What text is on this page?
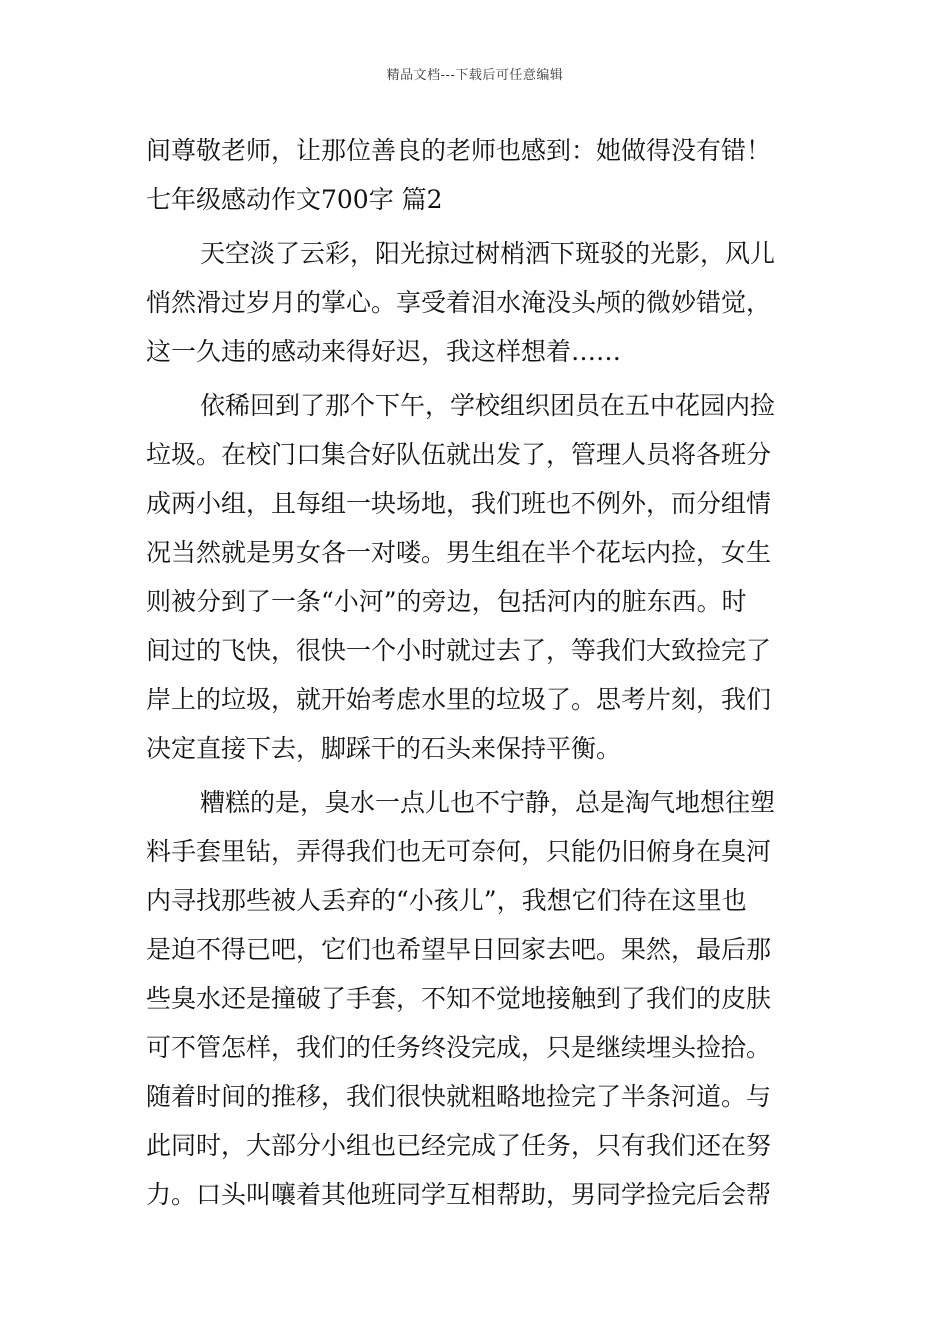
精品文档---下载后可任意编辑
间尊敬老师，让那位善良的老师也感到：她做得没有错！
七年级感动作文700字 篇2
天空淡了云彩，阳光掠过树梢洒下斑驳的光影，风儿
悄然滑过岁月的掌心。享受着泪水淹没头颅的微妙错觉，
这一久违的感动来得好迟，我这样想着……
依稀回到了那个下午，学校组织团员在五中花园内捡
垃圾。在校门口集合好队伍就出发了，管理人员将各班分
成两小组，且每组一块场地，我们班也不例外，而分组情
况当然就是男女各一对喽。男生组在半个花坛内捡，女生
则被分到了一条“小河”的旁边，包括河内的脏东西。时
间过的飞快，很快一个小时就过去了，等我们大致捡完了
岸上的垃圾，就开始考虑水里的垃圾了。思考片刻，我们
决定直接下去，脚踩干的石头来保持平衡。
糟糕的是，臭水一点儿也不宁静，总是淘气地想往塑
料手套里钻，弄得我们也无可奈何，只能仍旧俯身在臭河
内寻找那些被人丢弃的“小孩儿”，我想它们待在这里也
是迫不得已吧，它们也希望早日回家去吧。果然，最后那
些臭水还是撞破了手套，不知不觉地接触到了我们的皮肤
可不管怎样，我们的任务终没完成，只是继续埋头捡拾。
随着时间的推移，我们很快就粗略地捡完了半条河道。与
此同时，大部分小组也已经完成了任务，只有我们还在努
力。口头叫嚷着其他班同学互相帮助，男同学捡完后会帮
